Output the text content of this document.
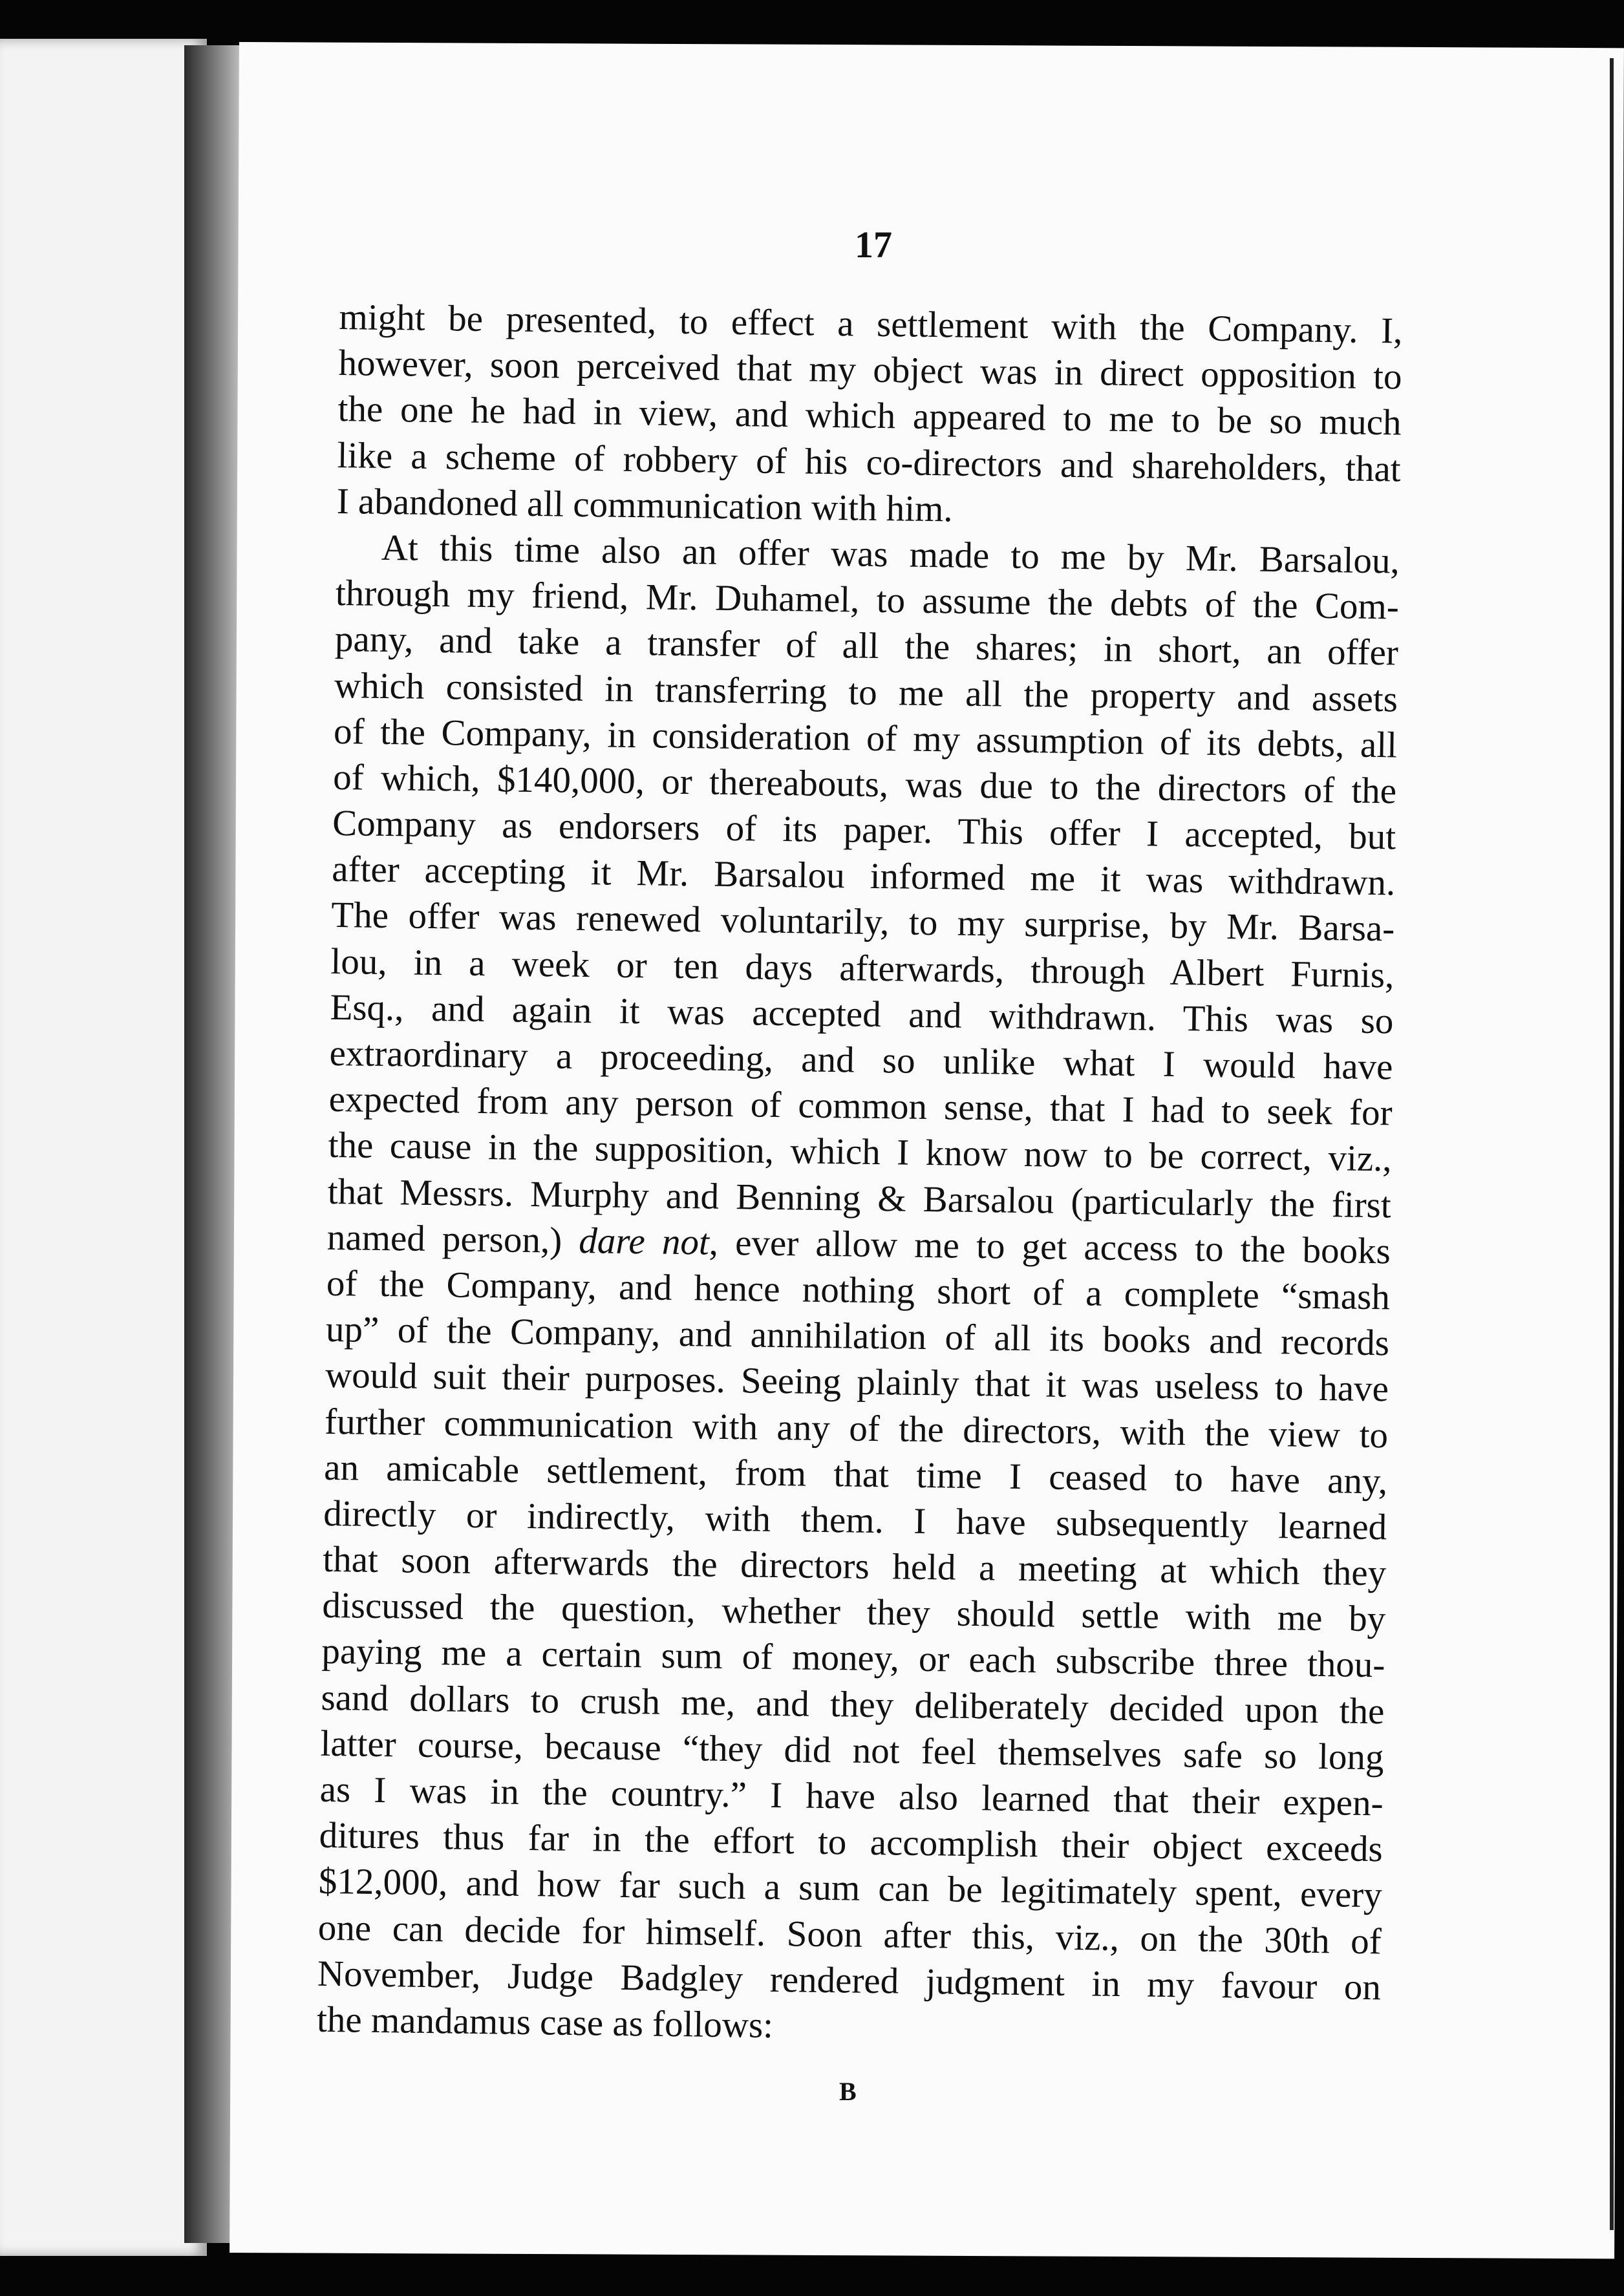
17
might be presented, to effect a settlement with the Company. I,
however, soon perceived that my object was in direct opposition to
the one he had in view, and which appeared to me to be so much
like a scheme of robbery of his co-directors and shareholders, that
I abandoned all communication with him.
At this time also an offer was made to me by Mr. Barsalou,
through my friend, Mr. Duhamel, to assume the debts of the Com-
pany, and take a transfer of all the shares; in short, an offer
which consisted in transferring to me all the property and assets
of the Company, in consideration of my assumption of its debts, all
of which, $140,000, or thereabouts, was due to the directors of the
Company as endorsers of its paper. This offer I accepted, but
after accepting it Mr. Barsalou informed me it was withdrawn.
The offer was renewed voluntarily, to my surprise, by Mr. Barsa-
lou, in a week or ten days afterwards, through Albert Furnis,
Esq., and again it was accepted and withdrawn. This was so
extraordinary a proceeding, and so unlike what I would have
expected from any person of common sense, that I had to seek for
the cause in the supposition, which I know now to be correct, viz.,
that Messrs. Murphy and Benning & Barsalou (particularly the first
named person,) dare not, ever allow me to get access to the books
of the Company, and hence nothing short of a complete “smash
up” of the Company, and annihilation of all its books and records
would suit their purposes. Seeing plainly that it was useless to have
further communication with any of the directors, with the view to
an amicable settlement, from that time I ceased to have any,
directly or indirectly, with them. I have subsequently learned
that soon afterwards the directors held a meeting at which they
discussed the question, whether they should settle with me by
paying me a certain sum of money, or each subscribe three thou-
sand dollars to crush me, and they deliberately decided upon the
latter course, because “they did not feel themselves safe so long
as I was in the country.” I have also learned that their expen-
ditures thus far in the effort to accomplish their object exceeds
$12,000, and how far such a sum can be legitimately spent, every
one can decide for himself. Soon after this, viz., on the 30th of
November, Judge Badgley rendered judgment in my favour on
the mandamus case as follows:
B
